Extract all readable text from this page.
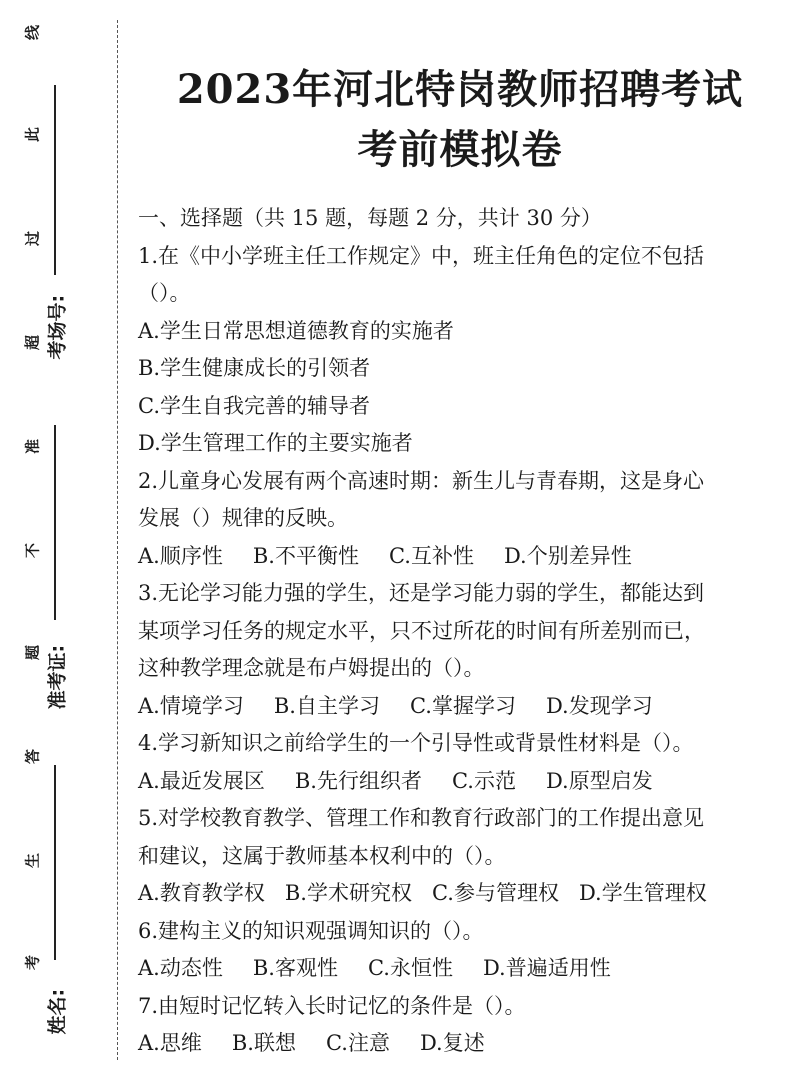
线
此
过
超
准
不
题
答
生
考
考场号:
准考证:
姓名:
2023年河北特岗教师招聘考试
考前模拟卷

一、选择题（共 15 题，每题 2 分，共计 30 分）

1.在《中小学班主任工作规定》中，班主任角色的定位不包括

（）。

A.学生日常思想道德教育的实施者

B.学生健康成长的引领者

C.学生自我完善的辅导者

D.学生管理工作的主要实施者

2.儿童身心发展有两个高速时期：新生儿与青春期，这是身心

发展（）规律的反映。

A.顺序性 B.不平衡性 C.互补性 D.个别差异性

3.无论学习能力强的学生，还是学习能力弱的学生，都能达到

某项学习任务的规定水平，只不过所花的时间有所差别而已，

这种教学理念就是布卢姆提出的（）。

A.情境学习 B.自主学习 C.掌握学习 D.发现学习

4.学习新知识之前给学生的一个引导性或背景性材料是（）。

A.最近发展区 B.先行组织者 C.示范 D.原型启发

5.对学校教育教学、管理工作和教育行政部门的工作提出意见

和建议，这属于教师基本权利中的（）。

A.教育教学权 B.学术研究权 C.参与管理权 D.学生管理权

6.建构主义的知识观强调知识的（）。

A.动态性 B.客观性 C.永恒性 D.普遍适用性

7.由短时记忆转入长时记忆的条件是（）。

A.思维 B.联想 C.注意 D.复述
